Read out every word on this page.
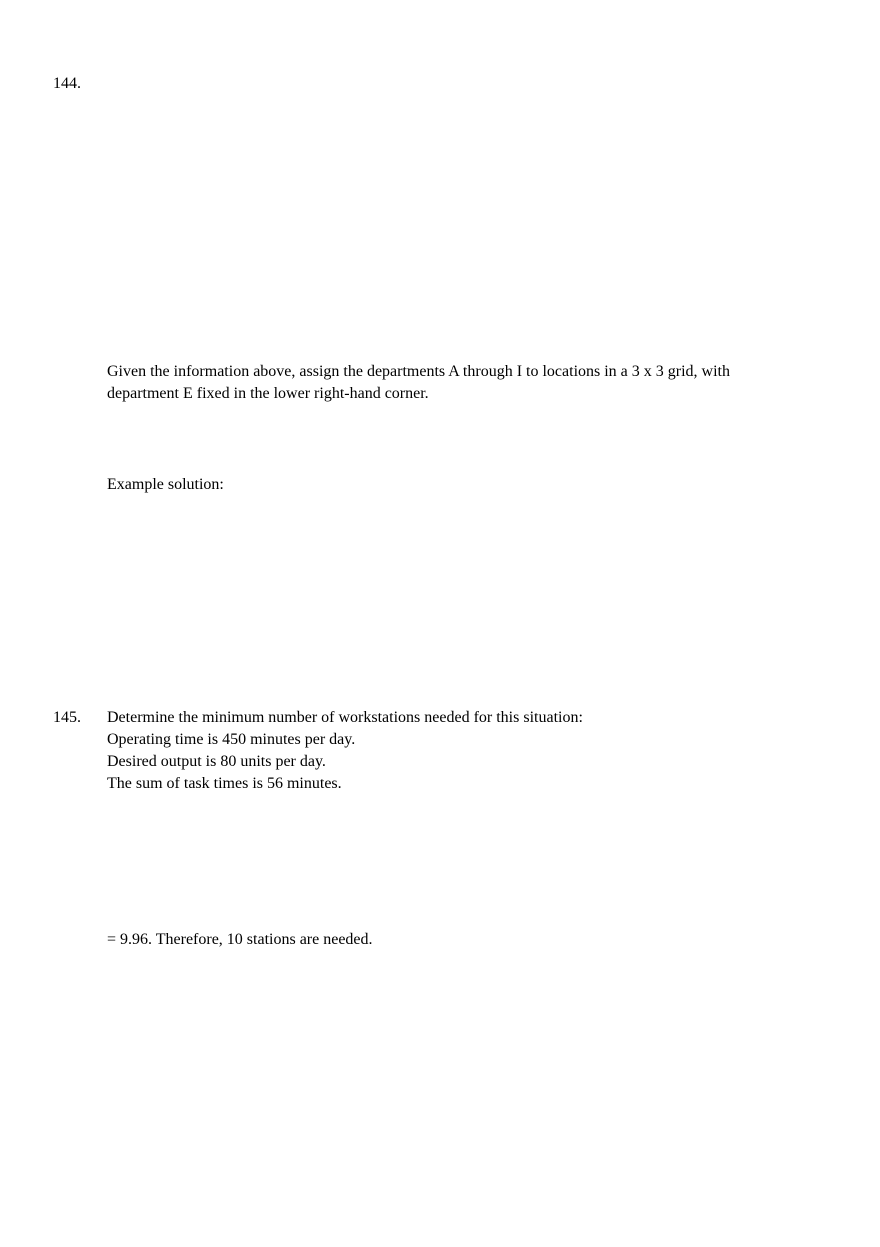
144.
Given the information above, assign the departments A through I to locations in a 3 x 3 grid, with
department E fixed in the lower right-hand corner.
Example solution:
145. Determine the minimum number of workstations needed for this situation:
Operating time is 450 minutes per day.
Desired output is 80 units per day.
The sum of task times is 56 minutes.
= 9.96. Therefore, 10 stations are needed.
